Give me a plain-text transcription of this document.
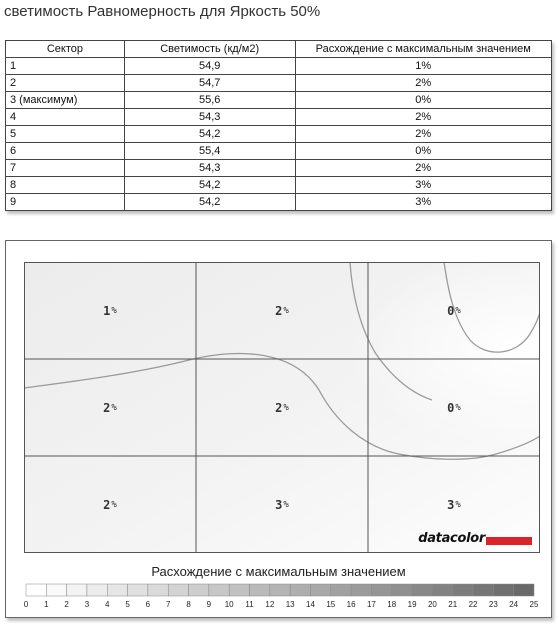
светимость Равномерность для Яркость 50%
Сектор	Светимость (кд/м2)	Расхождение с максимальным значением
1	54,9	1%
2	54,7	2%
3 (максимум)	55,6	0%
4	54,3	2%
5	54,2	2%
6	55,4	0%
7	54,3	2%
8	54,2	3%
9	54,2	3%
1 %	2 %	0 %
2 %	2 %	0 %
2 %	3 %	3 %
datacolor
Расхождение с максимальным значением
0	1	2	3	4	5	6	7	8	9	10	11	12	13	14	15	16	17	18	19	20	21	22	23	24	25
